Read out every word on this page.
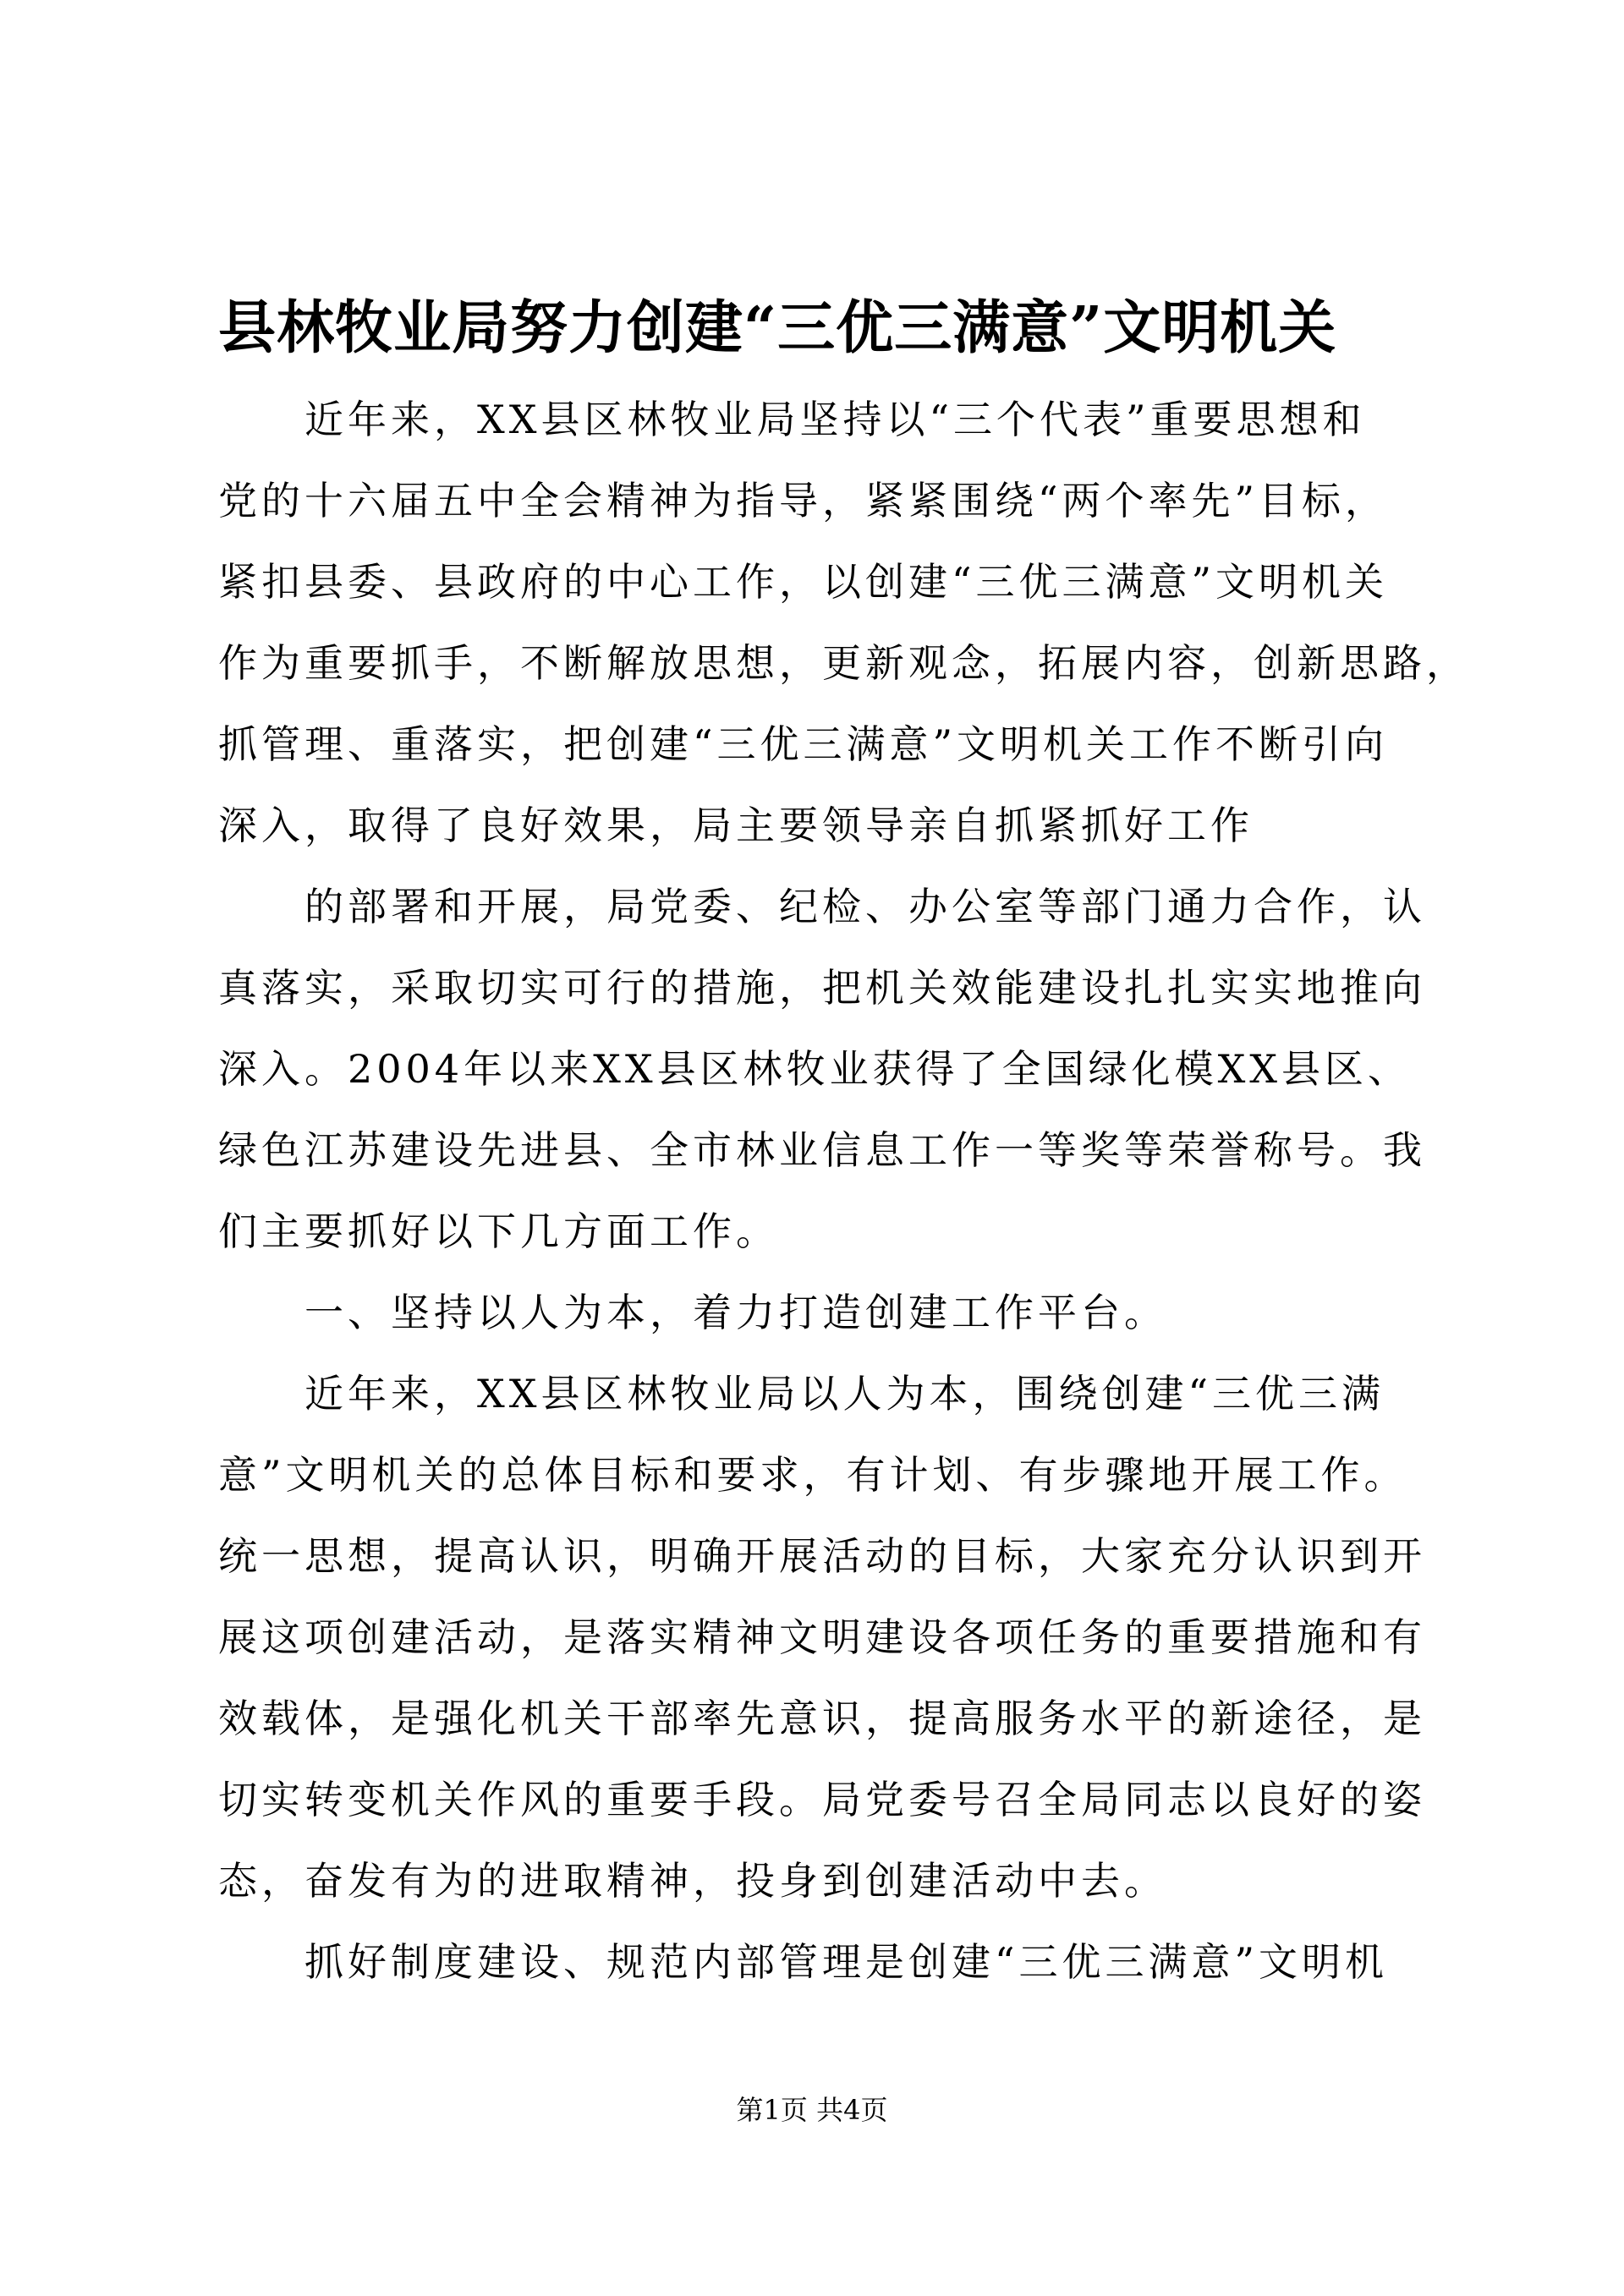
县林牧业局努力创建“三优三满意”文明机关
　　近年来，XX县区林牧业局坚持以“三个代表”重要思想和
党的十六届五中全会精神为指导，紧紧围绕“两个率先”目标，
紧扣县委、县政府的中心工作，以创建“三优三满意”文明机关
作为重要抓手，不断解放思想，更新观念，拓展内容，创新思路，
抓管理、重落实，把创建“三优三满意”文明机关工作不断引向
深入，取得了良好效果，局主要领导亲自抓紧抓好工作
　　的部署和开展，局党委、纪检、办公室等部门通力合作，认
真落实，采取切实可行的措施，把机关效能建设扎扎实实地推向
深入。2004年以来XX县区林牧业获得了全国绿化模XX县区、
绿色江苏建设先进县、全市林业信息工作一等奖等荣誉称号。我
们主要抓好以下几方面工作。
　　一、坚持以人为本，着力打造创建工作平台。
　　近年来，XX县区林牧业局以人为本，围绕创建“三优三满
意”文明机关的总体目标和要求，有计划、有步骤地开展工作。
统一思想，提高认识，明确开展活动的目标，大家充分认识到开
展这项创建活动，是落实精神文明建设各项任务的重要措施和有
效载体，是强化机关干部率先意识，提高服务水平的新途径，是
切实转变机关作风的重要手段。局党委号召全局同志以良好的姿
态，奋发有为的进取精神，投身到创建活动中去。
　　抓好制度建设、规范内部管理是创建“三优三满意”文明机
第1页 共4页
